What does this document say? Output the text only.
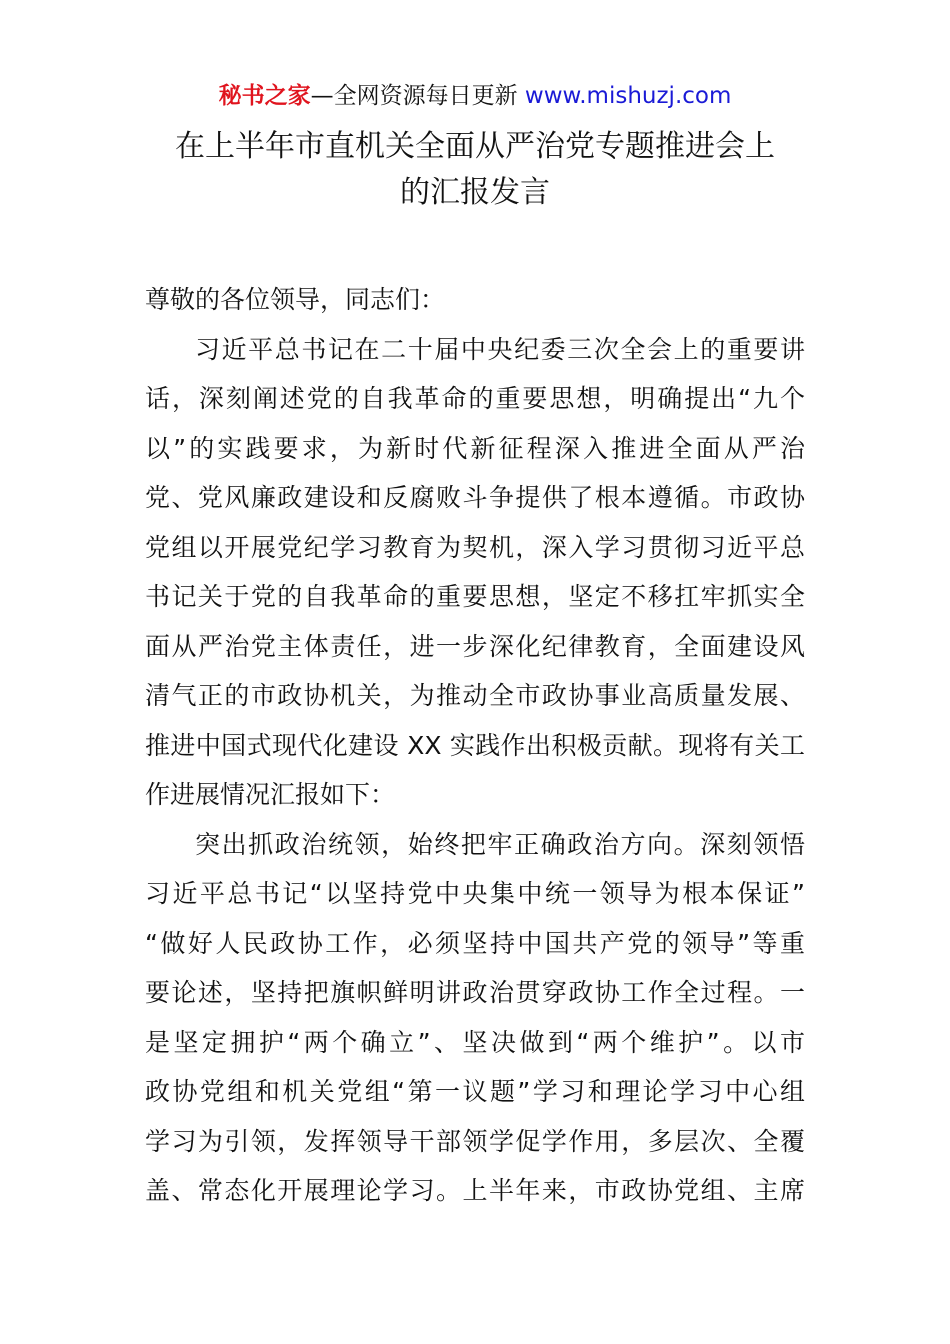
秘书之家—全网资源每日更新 www.mishuzj.com
在上半年市直机关全面从严治党专题推进会上
的汇报发言
尊敬的各位领导，同志们：
习近平总书记在二十届中央纪委三次全会上的重要讲
话，深刻阐述党的自我革命的重要思想，明确提出“九个
以”的实践要求，为新时代新征程深入推进全面从严治
党、党风廉政建设和反腐败斗争提供了根本遵循。市政协
党组以开展党纪学习教育为契机，深入学习贯彻习近平总
书记关于党的自我革命的重要思想，坚定不移扛牢抓实全
面从严治党主体责任，进一步深化纪律教育，全面建设风
清气正的市政协机关，为推动全市政协事业高质量发展、
推进中国式现代化建设 XX 实践作出积极贡献。现将有关工
作进展情况汇报如下：
突出抓政治统领，始终把牢正确政治方向。深刻领悟
习近平总书记“以坚持党中央集中统一领导为根本保证”
“做好人民政协工作，必须坚持中国共产党的领导”等重
要论述，坚持把旗帜鲜明讲政治贯穿政协工作全过程。一
是坚定拥护“两个确立”、坚决做到“两个维护”。以市
政协党组和机关党组“第一议题”学习和理论学习中心组
学习为引领，发挥领导干部领学促学作用，多层次、全覆
盖、常态化开展理论学习。上半年来，市政协党组、主席
